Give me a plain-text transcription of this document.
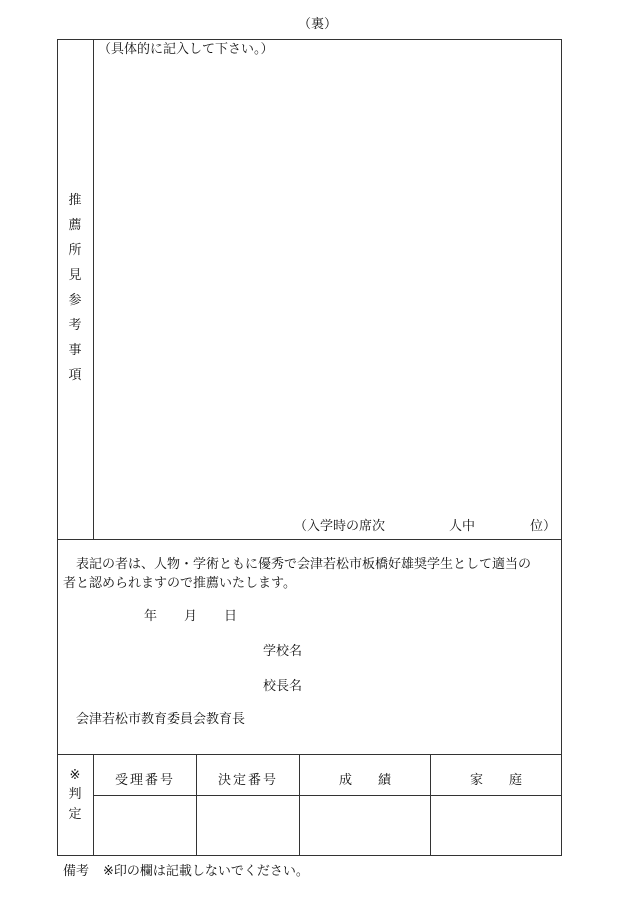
（裏）
推
薦
所
見
参
考
事
項
（具体的に記入して下さい。）
（入学時の席次	人中	位）
表記の者は、人物・学術ともに優秀で会津若松市板橋好雄奨学生として適当の
者と認められますので推薦いたします。
年 月 日
学校名
校長名
会津若松市教育委員会教育長
※
判
定
受理番号	決定番号	成　　績	家　　庭
備考 ※印の欄は記載しないでください。
